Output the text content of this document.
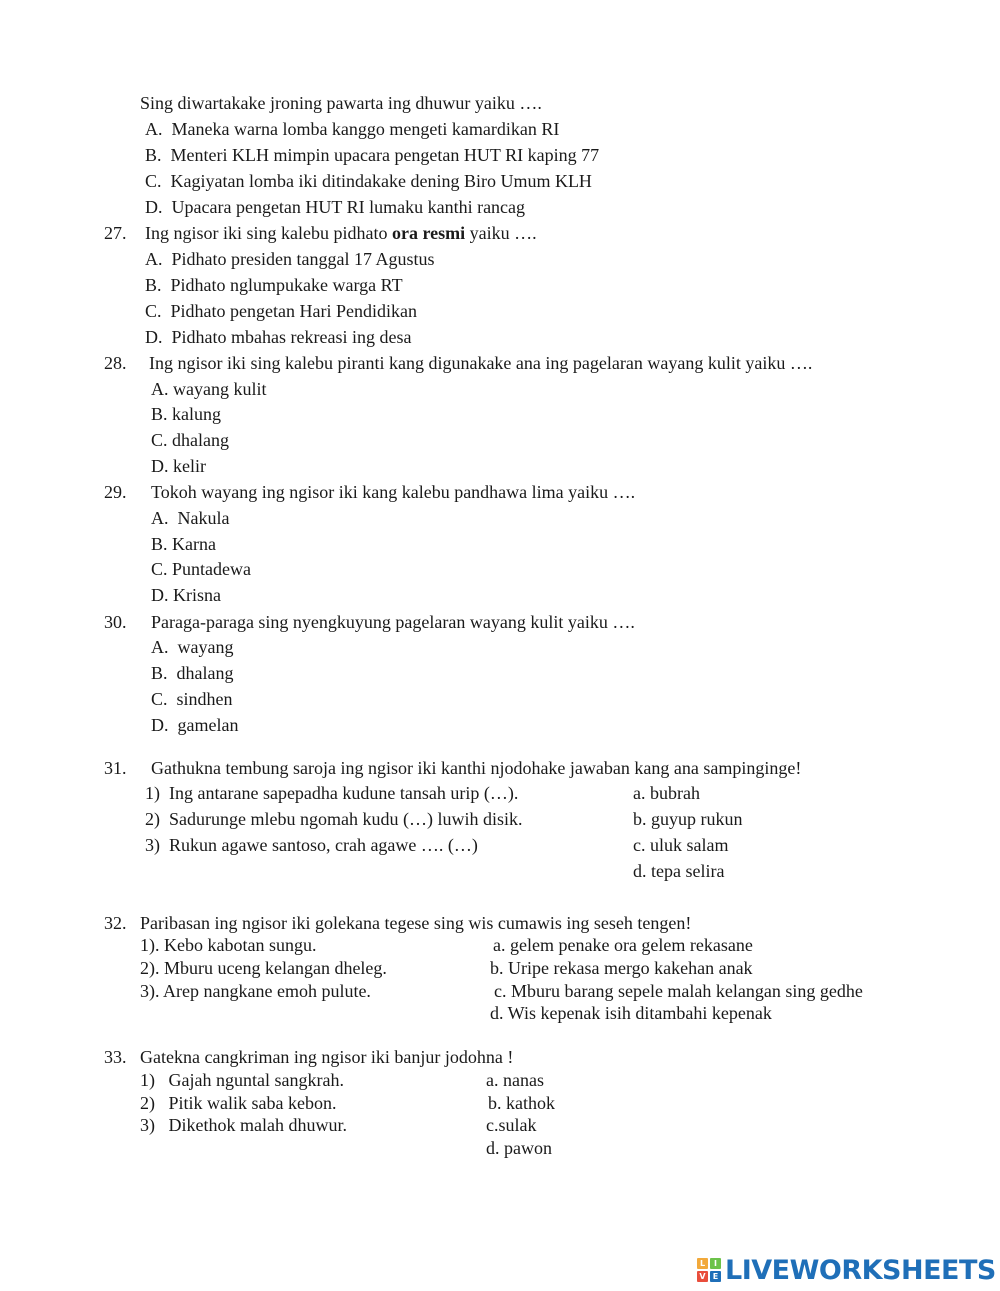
Sing diwartakake jroning pawarta ing dhuwur yaiku ….
A. Maneka warna lomba kanggo mengeti kamardikan RI
B. Menteri KLH mimpin upacara pengetan HUT RI kaping 77
C. Kagiyatan lomba iki ditindakake dening Biro Umum KLH
D. Upacara pengetan HUT RI lumaku kanthi rancag
27. Ing ngisor iki sing kalebu pidhato ora resmi yaiku ….
A. Pidhato presiden tanggal 17 Agustus
B. Pidhato nglumpukake warga RT
C. Pidhato pengetan Hari Pendidikan
D. Pidhato mbahas rekreasi ing desa
28. Ing ngisor iki sing kalebu piranti kang digunakake ana ing pagelaran wayang kulit yaiku ….
A. wayang kulit
B. kalung
C. dhalang
D. kelir
29. Tokoh wayang ing ngisor iki kang kalebu pandhawa lima yaiku ….
A. Nakula
B. Karna
C. Puntadewa
D. Krisna
30. Paraga-paraga sing nyengkuyung pagelaran wayang kulit yaiku ….
A. wayang
B. dhalang
C. sindhen
D. gamelan
31. Gathukna tembung saroja ing ngisor iki kanthi njodohake jawaban kang ana sampinginge!
1) Ing antarane sapepadha kudune tansah urip (…).
2) Sadurunge mlebu ngomah kudu (…) luwih disik.
3) Rukun agawe santoso, crah agawe …. (…)
a. bubrah
b. guyup rukun
c. uluk salam
d. tepa selira
32. Paribasan ing ngisor iki golekana tegese sing wis cumawis ing seseh tengen!
1). Kebo kabotan sungu.
2). Mburu uceng kelangan dheleg.
3). Arep nangkane emoh pulute.
a. gelem penake ora gelem rekasane
b. Uripe rekasa mergo kakehan anak
c. Mburu barang sepele malah kelangan sing gedhe
d. Wis kepenak isih ditambahi kepenak
33. Gatekna cangkriman ing ngisor iki banjur jodohna !
1) Gajah nguntal sangkrah.
2) Pitik walik saba kebon.
3) Dikethok malah dhuwur.
a. nanas
b. kathok
c.sulak
d. pawon
L	I
V E LIVEWORKSHEETS
